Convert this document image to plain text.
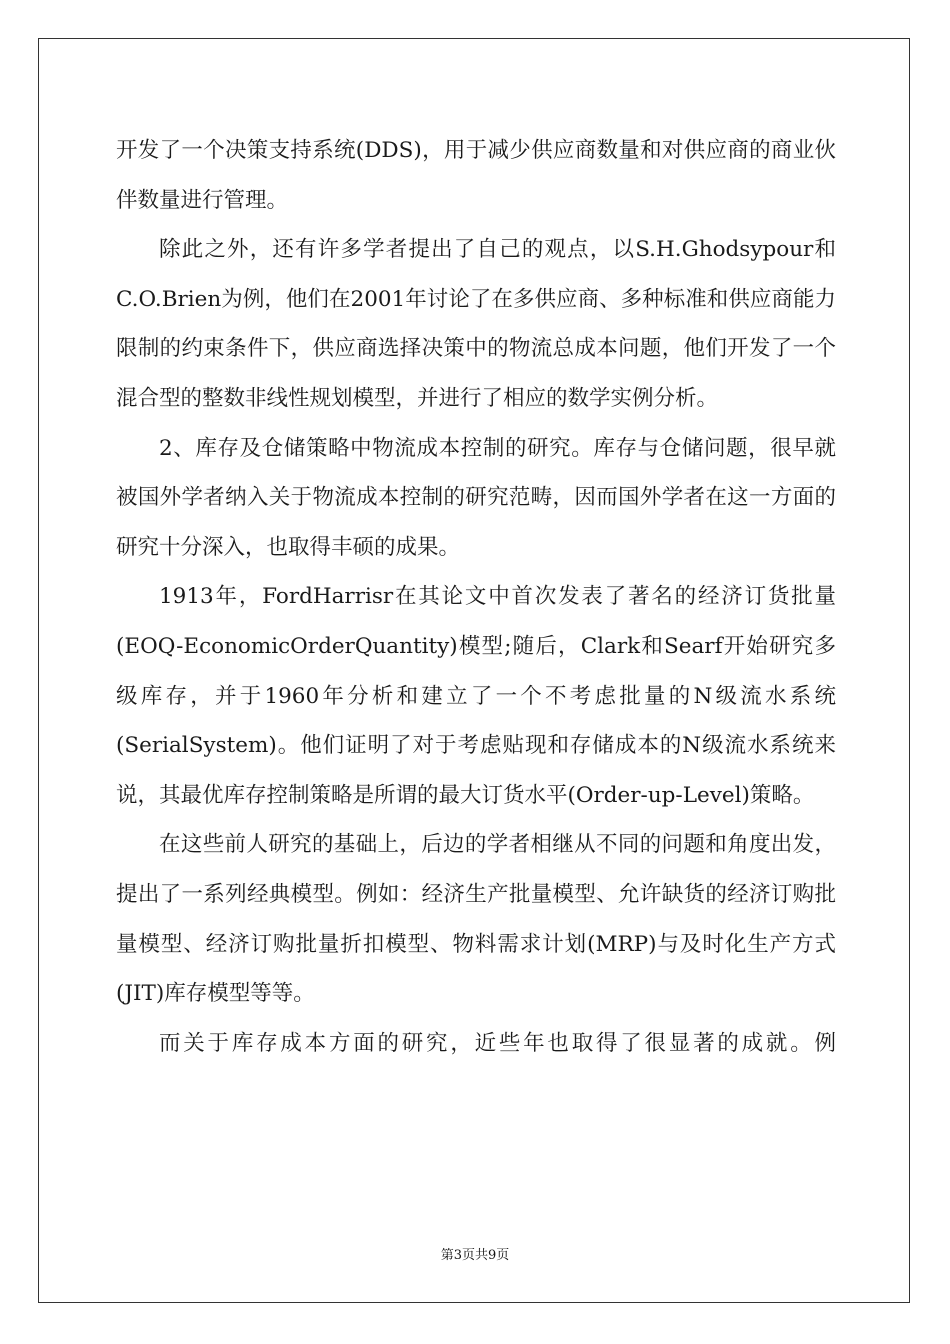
开发了一个决策支持系统(DDS)，用于减少供应商数量和对供应商的商业伙伴数量进行管理。

除此之外，还有许多学者提出了自己的观点，以S.H.Ghodsypour和C.O.Brien为例，他们在2001年讨论了在多供应商、多种标准和供应商能力限制的约束条件下，供应商选择决策中的物流总成本问题，他们开发了一个混合型的整数非线性规划模型，并进行了相应的数学实例分析。

2、库存及仓储策略中物流成本控制的研究。库存与仓储问题，很早就被国外学者纳入关于物流成本控制的研究范畴，因而国外学者在这一方面的研究十分深入，也取得丰硕的成果。

1913年，FordHarrisr在其论文中首次发表了著名的经济订货批量(EOQ-EconomicOrderQuantity)模型;随后，Clark和Searf开始研究多级库存，并于1960年分析和建立了一个不考虑批量的N级流水系统(SerialSystem)。他们证明了对于考虑贴现和存储成本的N级流水系统来说，其最优库存控制策略是所谓的最大订货水平(Order-up-Level)策略。

在这些前人研究的基础上，后边的学者相继从不同的问题和角度出发，提出了一系列经典模型。例如：经济生产批量模型、允许缺货的经济订购批量模型、经济订购批量折扣模型、物料需求计划(MRP)与及时化生产方式(JIT)库存模型等等。

而关于库存成本方面的研究，近些年也取得了很显著的成就。例

第3页共9页
